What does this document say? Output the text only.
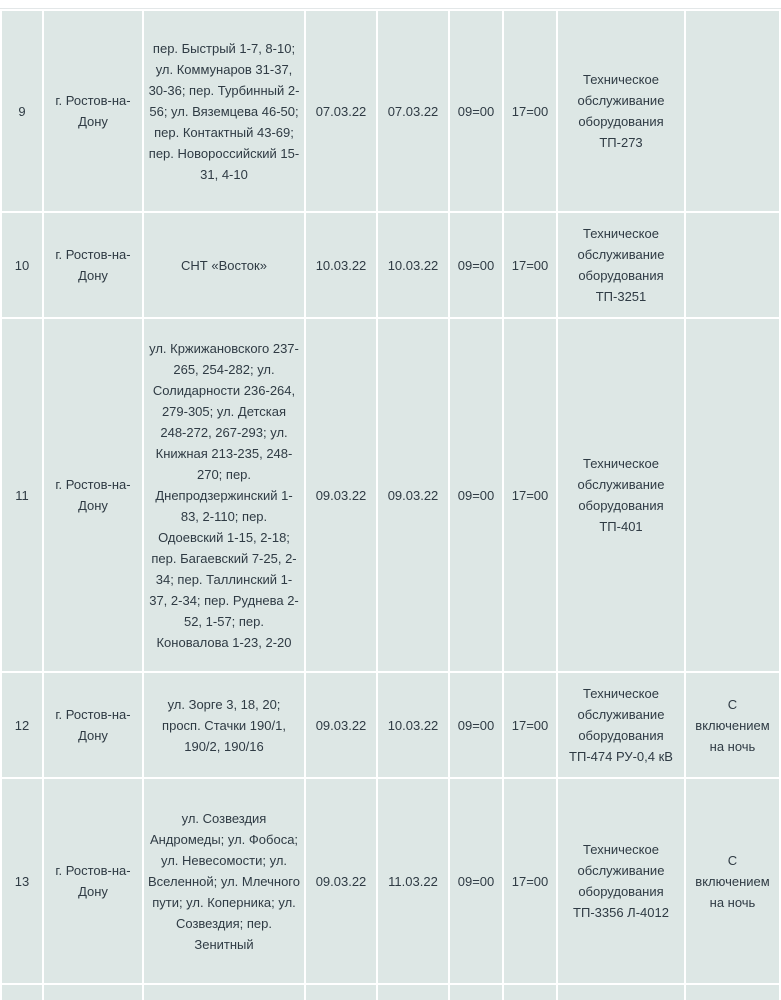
9	г. Ростов-на-Дону	пер. Быстрый 1-7, 8-10; ул. Коммунаров 31-37, 30-36; пер. Турбинный 2-56; ул. Вяземцева 46-50; пер. Контактный 43-69; пер. Новороссийский 15-31, 4-10	07.03.22	07.03.22	09=00	17=00	Техническое обслуживание оборудования ТП-273	
10	г. Ростов-на-Дону	СНТ «Восток»	10.03.22	10.03.22	09=00	17=00	Техническое обслуживание оборудования ТП-3251	
11	г. Ростов-на-Дону	ул. Кржижановского 237-265, 254-282; ул. Солидарности 236-264, 279-305; ул. Детская 248-272, 267-293; ул. Книжная 213-235, 248-270; пер. Днепродзержинский 1-83, 2-110; пер. Одоевский 1-15, 2-18; пер. Багаевский 7-25, 2-34; пер. Таллинский 1-37, 2-34; пер. Руднева 2-52, 1-57; пер. Коновалова 1-23, 2-20	09.03.22	09.03.22	09=00	17=00	Техническое обслуживание оборудования ТП-401	
12	г. Ростов-на-Дону	ул. Зорге 3, 18, 20; просп. Стачки 190/1, 190/2, 190/16	09.03.22	10.03.22	09=00	17=00	Техническое обслуживание оборудования ТП-474 РУ-0,4 кВ	С включением на ночь
13	г. Ростов-на-Дону	ул. Созвездия Андромеды; ул. Фобоса; ул. Невесомости; ул. Вселенной; ул. Млечного пути; ул. Коперника; ул. Созвездия; пер. Зенитный	09.03.22	11.03.22	09=00	17=00	Техническое обслуживание оборудования ТП-3356 Л-4012	С включением на ночь
